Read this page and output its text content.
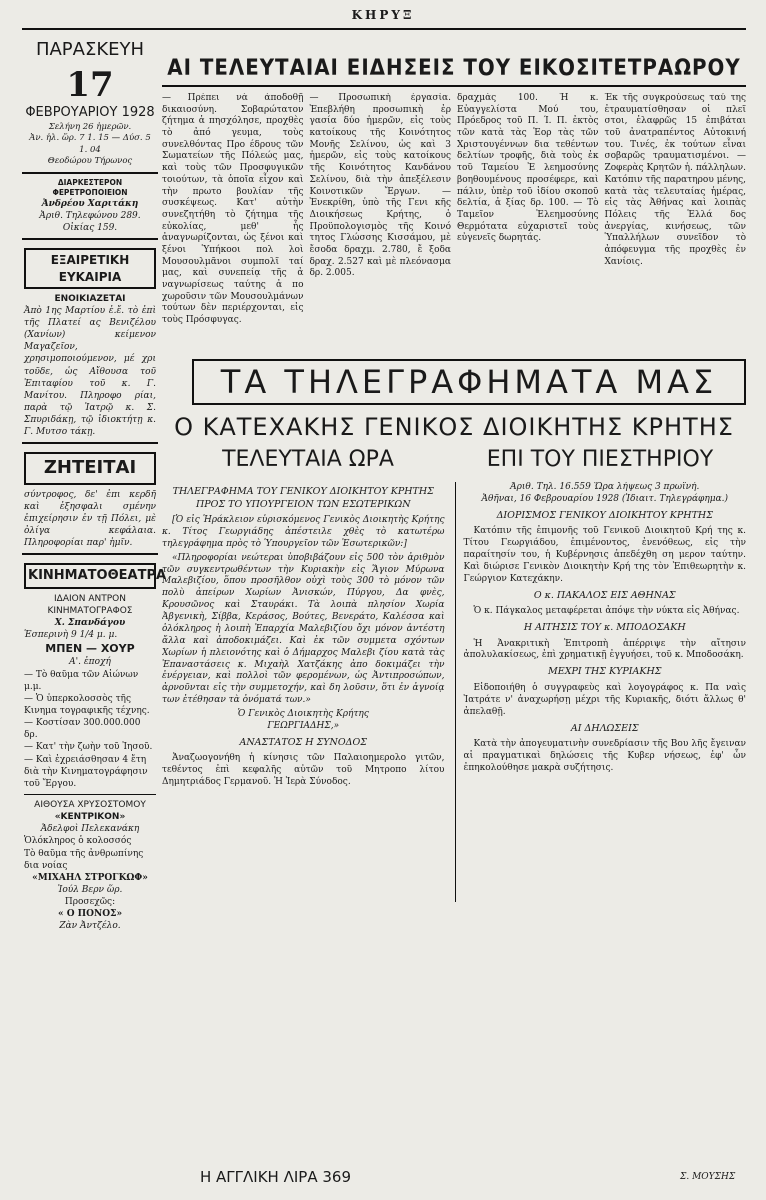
ΚΗΡΥΞ
ΠΑΡΑΣΚΕΥΗ
17
ΦΕΒΡΟΥΑΡΙΟΥ 1928
Σελήνη 26 ἡμερῶν.
Ἀν. ἡλ. ὥρ. 7 1. 15 — Δύσ. 5 1. 04
Θεοδώρου Τήρωνος
ΔΙΑΡΚΕΣΤΕΡΟΝ ΦΕΡΕΤΡΟΠΟΙΕΙΟΝ
Ἀνδρέου Χαριτάκη
Ἀριθ. Τηλεφώνου 289. Οἰκίας 159.
ΕΞΑΙΡΕΤΙΚΗ ΕΥΚΑΙΡΙΑ
ΕΝΟΙΚΙΑΖΕΤΑΙ
Ἀπὸ 1ης Μαρτίου ἐ.ἔ. τὸ ἐπὶ τῆς Πλατεί ας Βενιζέλου (Χανίων) κείμενον Μαγαζεῖον, χρησιμοποιούμενον, μέ χρι τοῦδε, ὡς Αἴθουσα τοῦ Ἐπιταφίου τοῦ κ. Γ. Μανίτου. Πληροφο ρίαι, παρὰ τῷ Ἰατρῷ κ. Σ. Σπυριδάκῃ, τῷ ἰδιοκτήτῃ κ. Γ. Μυτσο τάκῃ.
ΖΗΤΕΙΤΑΙ
σύντροφος, δε' ἐπι κερδῆ καὶ ἐξησφαλι σμένην ἐπιχείρησιν ἐν τῇ Πόλει, μὲ ὀλίγα κεφάλαια. Πληροφορίαι παρ' ἡμῖν.
ΚΙΝΗΜΑΤΟΘΕΑΤΡΑ
ΙΔΑΙΟΝ ΑΝΤΡΟΝ
ΚΙΝΗΜΑΤΟΓΡΑΦΟΣ
Χ. Σπανδάγου
Ἑσπερινὴ 9 1/4 μ. μ.
ΜΠΕΝ — ΧΟΥΡ
Α'. ἐποχή
— Τὸ θαῦμα τῶν Αἰώνων μ.μ.
— Ὁ ὑπερκολοσσὸς τῆς Κινημα τογραφικῆς τέχνης.
— Κοστίσαν 300.000.000 δρ.
— Κατ' τὴν ζωὴν τοῦ Ἰησοῦ.
— Καὶ ἐχρειάσθησαν 4 ἔτη διὰ τὴν Κινηματογράφησιν τοῦ Ἔργου.
ΑΙΘΟΥΣΑ ΧΡΥΣΟΣΤΟΜΟΥ
«ΚΕΝΤΡΙΚΟΝ»
Ἀδελφοὶ Πελεκανάκη
Ὁλόκληρος ὁ κολοσσός
Τὸ θαῦμα τῆς ἀνθρωπίνης δια νοίας
«ΜΙΧΑΗΛ ΣΤΡΟΓΚΩΦ»
Ἰούλ Βερν ὥρ.
Προσεχῶς:
« Ο ΠΟΝΟΣ»
Ζὰν Ἀντζέλο.
ΑΙ ΤΕΛΕΥΤΑΙΑΙ ΕΙΔΗΣΕΙΣ ΤΟΥ ΕΙΚΟΣΙΤΕΤΡΑΩΡΟΥ
— Πρέπει νὰ ἀποδοθῇ δικαιοσύνη. Σοβαρώτατον ζήτημα ἀ πησχόλησε, προχθὲς τὸ ἀπό γευμα, τοὺς συνελθόντας Προ έδρους τῶν Σωματείων τῆς Πόλεώς μας, καὶ τοὺς τῶν Προσφυγικῶν τοιούτων, τὰ ὁποῖα εἶχον καὶ τὴν πρωτο βουλίαν τῆς συσκέψεως. Κατ' αὐτὴν συνεζητήθη τὸ ζήτημα τῆς εὐκολίας, μεθ' ἧς ἀναγνωρίζονται, ὡς ξένοι καὶ ξένοι Ὑπήκοοι πολ λοὶ Μουσουλμᾶνοι συμπολῖ ταί μας, καὶ συνεπείᾳ τῆς ἀ ναγνωρίσεως ταύτης ἀ πο χωροῦσιν τῶν Μουσουλμάνων τούτων δὲν περιέρχονται, εἰς τοὺς Πρόσφυγας.
— Προσωπικὴ ἐργασία. Ἐπεβλήθη προσωπικὴ ἐρ γασία δύο ἡμερῶν, εἰς τοὺς κατοίκους τῆς Κοινότητος Μονῆς Σελίνου, ὡς καὶ 3 ἡμερῶν, εἰς τοὺς κατοίκους τῆς Κοινότητος Κανδάνου Σελίνου, διὰ τὴν ἀπεξέλεσιν Κοινοτικῶν Ἔργων. — Ἐνεκρίθη, ὑπὸ τῆς Γενι κῆς Διοικήσεως Κρήτης, ὁ Προϋπολογισμὸς τῆς Κοινό τητος Γλώσσης Κισσάμου, μὲ ἔσοδα δραχμ. 2.780, ἔ ξοδα δραχ. 2.527 καὶ μὲ πλεόνασμα δρ. 2.005.
δραχμὰς 100. Ἡ κ. Εὐαγγελίστα Μού του, Πρόεδρος τοῦ Π. Ί. Π. ἐκτὸς τῶν κατὰ τὰς Ἑορ τὰς τῶν Χριστουγέννων δια τεθέντων δελτίων τροφῆς, διὰ τοὺς ἐκ τοῦ Ταμείου Ἐ λεημοσύνης βοηθουμένους προσέφερε, καὶ πάλιν, ὑπὲρ τοῦ ἰδίου σκοποῦ δελτία, ἀ ξίας δρ. 100. — Τὸ Ταμεῖον Ἐλεημοσύνης Θερμότατα εὐχαριστεῖ τοὺς εὐγενεῖς δωρητάς.
Ἐκ τῆς συγκρούσεως ταύ της ἐτραυματίσθησαν οἱ πλεῖ στοι, ἐλαφρῶς 15 ἐπιβάται τοῦ ἀνατραπέντος Αὐτοκινή του. Τινές, ἐκ τούτων εἶναι σοβαρῶς τραυματισμένοι. — Ζοφερὰς Κρητῶν ἡ. πάλληλων. Κατόπιν τῆς παρατηρου μένης, κατὰ τὰς τελευταίας ἡμέρας, εἰς τὰς Ἀθήνας καὶ λοιπὰς Πόλεις τῆς Ἑλλά δος ἀνεργίας, κινήσεως, τῶν Ὑπαλλήλων συνεῖδον τὸ ἀπόφευγμα τῆς προχθὲς ἐν Χανίοις.
ΤΑ ΤΗΛΕΓΡΑΦΗΜΑΤΑ ΜΑΣ
Ο ΚΑΤΕΧΑΚΗΣ ΓΕΝΙΚΟΣ ΔΙΟΙΚΗΤΗΣ ΚΡΗΤΗΣ
ΤΕΛΕΥΤΑΙΑ ΩΡΑ	ΕΠΙ ΤΟΥ ΠΙΕΣΤΗΡΙΟΥ
ΤΗΛΕΓΡΑΦΗΜΑ ΤΟΥ ΓΕΝΙΚΟΥ ΔΙΟΙΚΗΤΟΥ ΚΡΗΤΗΣ ΠΡΟΣ ΤΟ ΥΠΟΥΡΓΕΙΟΝ ΤΩΝ ΕΣΩΤΕΡΙΚΩΝ
[Ὁ εἰς Ἡράκλειον εὑρισκόμενος Γενικὸς Διοικητὴς Κρήτης κ. Τίτος Γεωργιάδης ἀπέστειλε χθὲς τὸ κατωτέρω τηλεγράφημα πρὸς τὸ Ὑπουργεῖον τῶν Ἐσωτερικῶν:]
«Πληροφορίαι νεώτεραι ὑποβιβάζουν εἰς 500 τὸν ἀριθμὸν τῶν συγκεντρωθέντων τὴν Κυριακὴν εἰς Ἅγιον Μύρωνα Μαλεβιζίου, ὅπου προσῆλθον οὐχὶ τοὺς 300 τὸ μόνον τῶν πολὺ ἀπείρων Χωρίων Ἀνισκών, Πύργου, Δα φνὲς, Κρουσῶνος καὶ Σταυράκι. Τὰ λοιπὰ πλησίον Χωρία Ἀβγενικὴ, Σίββα, Κεράσος, Βούτες, Βενεράτο, Καλέσσα καὶ ὁλόκληρος ἡ λοιπὴ Ἐπαρχία Μαλεβιζίου ὄχι μόνον ἀντέστη ἄλλα καὶ ἀποδοκιμάζει. Καὶ ἐκ τῶν συμμετα σχόντων Χωρίων ἡ πλειονότης καὶ ὁ Δήμαρχος Μαλεβι ζίου κατὰ τὰς Ἐπαναστάσεις κ. Μιχαὴλ Χατζάκης ἀπο δοκιμάζει τὴν ἐνέργειαν, καὶ πολλοὶ τῶν φερομένων, ὡς Ἀντιπροσώπων, ἀρνοῦνται εἰς τὴν συμμετοχήν, καὶ δη λοῦσιν, ὅτι ἐν ἀγνοίᾳ των ἐτέθησαν τὰ ὀνόματά των.»
Ὁ Γενικὸς Διοικητὴς Κρήτης
ΓΕΩΡΓΙΑΔΗΣ,»
ΑΝΑΣΤΑΤΟΣ Η ΣΥΝΟΔΟΣ
Ἀναζωογονήθη ἡ κίνησις τῶν Παλαιοημερολο γιτῶν, τεθέντος ἐπὶ κεφαλῆς αὐτῶν τοῦ Μητροπο λίτου Δημητριάδος Γερμανοῦ. Ἡ Ἱερὰ Σύνοδος.
Ἀριθ. Τηλ. 16.559 Ὥρα λήψεως 3 πρωϊνή.
Ἀθῆναι, 16 Φεβρουαρίου 1928 (Ἰδιαιτ. Τηλεγράφημα.)
ΔΙΟΡΙΣΜΟΣ ΓΕΝΙΚΟΥ ΔΙΟΙΚΗΤΟΥ ΚΡΗΤΗΣ
Κατόπιν τῆς ἐπιμονῆς τοῦ Γενικοῦ Διοικητοῦ Κρή της κ. Τίτου Γεωργιάδου, ἐπιμένοντος, ἐνενόθεως, εἰς τὴν παραίτησίν του, ἡ Κυβέρνησις ἀπεδέχθη ση μερον ταύτην. Καὶ διώρισε Γενικὸν Διοικητὴν Κρή της τὸν Ἐπιθεωρητὴν κ. Γεώργιον Κατεχάκην.
Ο κ. ΠΑΚΑΛΟΣ ΕΙΣ ΑΘΗΝΑΣ
Ὁ κ. Πάγκαλος μεταφέρεται ἀπόψε τὴν νύκτα εἰς Ἀθήνας.
Η ΑΙΤΗΣΙΣ ΤΟΥ κ. ΜΠΟΔΟΣΑΚΗ
Ἡ Ἀνακριτικὴ Ἐπιτροπὴ ἀπέρριψε τὴν αἴτησιν ἀπολυλακίσεως, ἐπὶ χρηματικῇ ἐγγυήσει, τοῦ κ. Μποδοσάκη.
ΜΕΧΡΙ ΤΗΣ ΚΥΡΙΑΚΗΣ
Εἰδοποιήθη ὁ συγγραφεὺς καὶ λογογράφος κ. Πα ναὶς Ἰατράτε ν' ἀναχωρήσῃ μέχρι τῆς Κυριακῆς, διότι ἄλλως θ' ἀπελαθῇ.
ΑΙ ΔΗΛΩΣΕΙΣ
Κατὰ τὴν ἀπογευματινὴν συνεδρίασιν τῆς Βου λῆς ἔγειναν αἱ πραγματικαὶ δηλώσεις τῆς Κυβερ νήσεως, ἐφ' ὧν ἐπηκολούθησε μακρὰ συζήτησις.
Η ΑΓΓΛΙΚΗ ΛΙΡΑ 369	Σ. ΜΟΥΣΗΣ
